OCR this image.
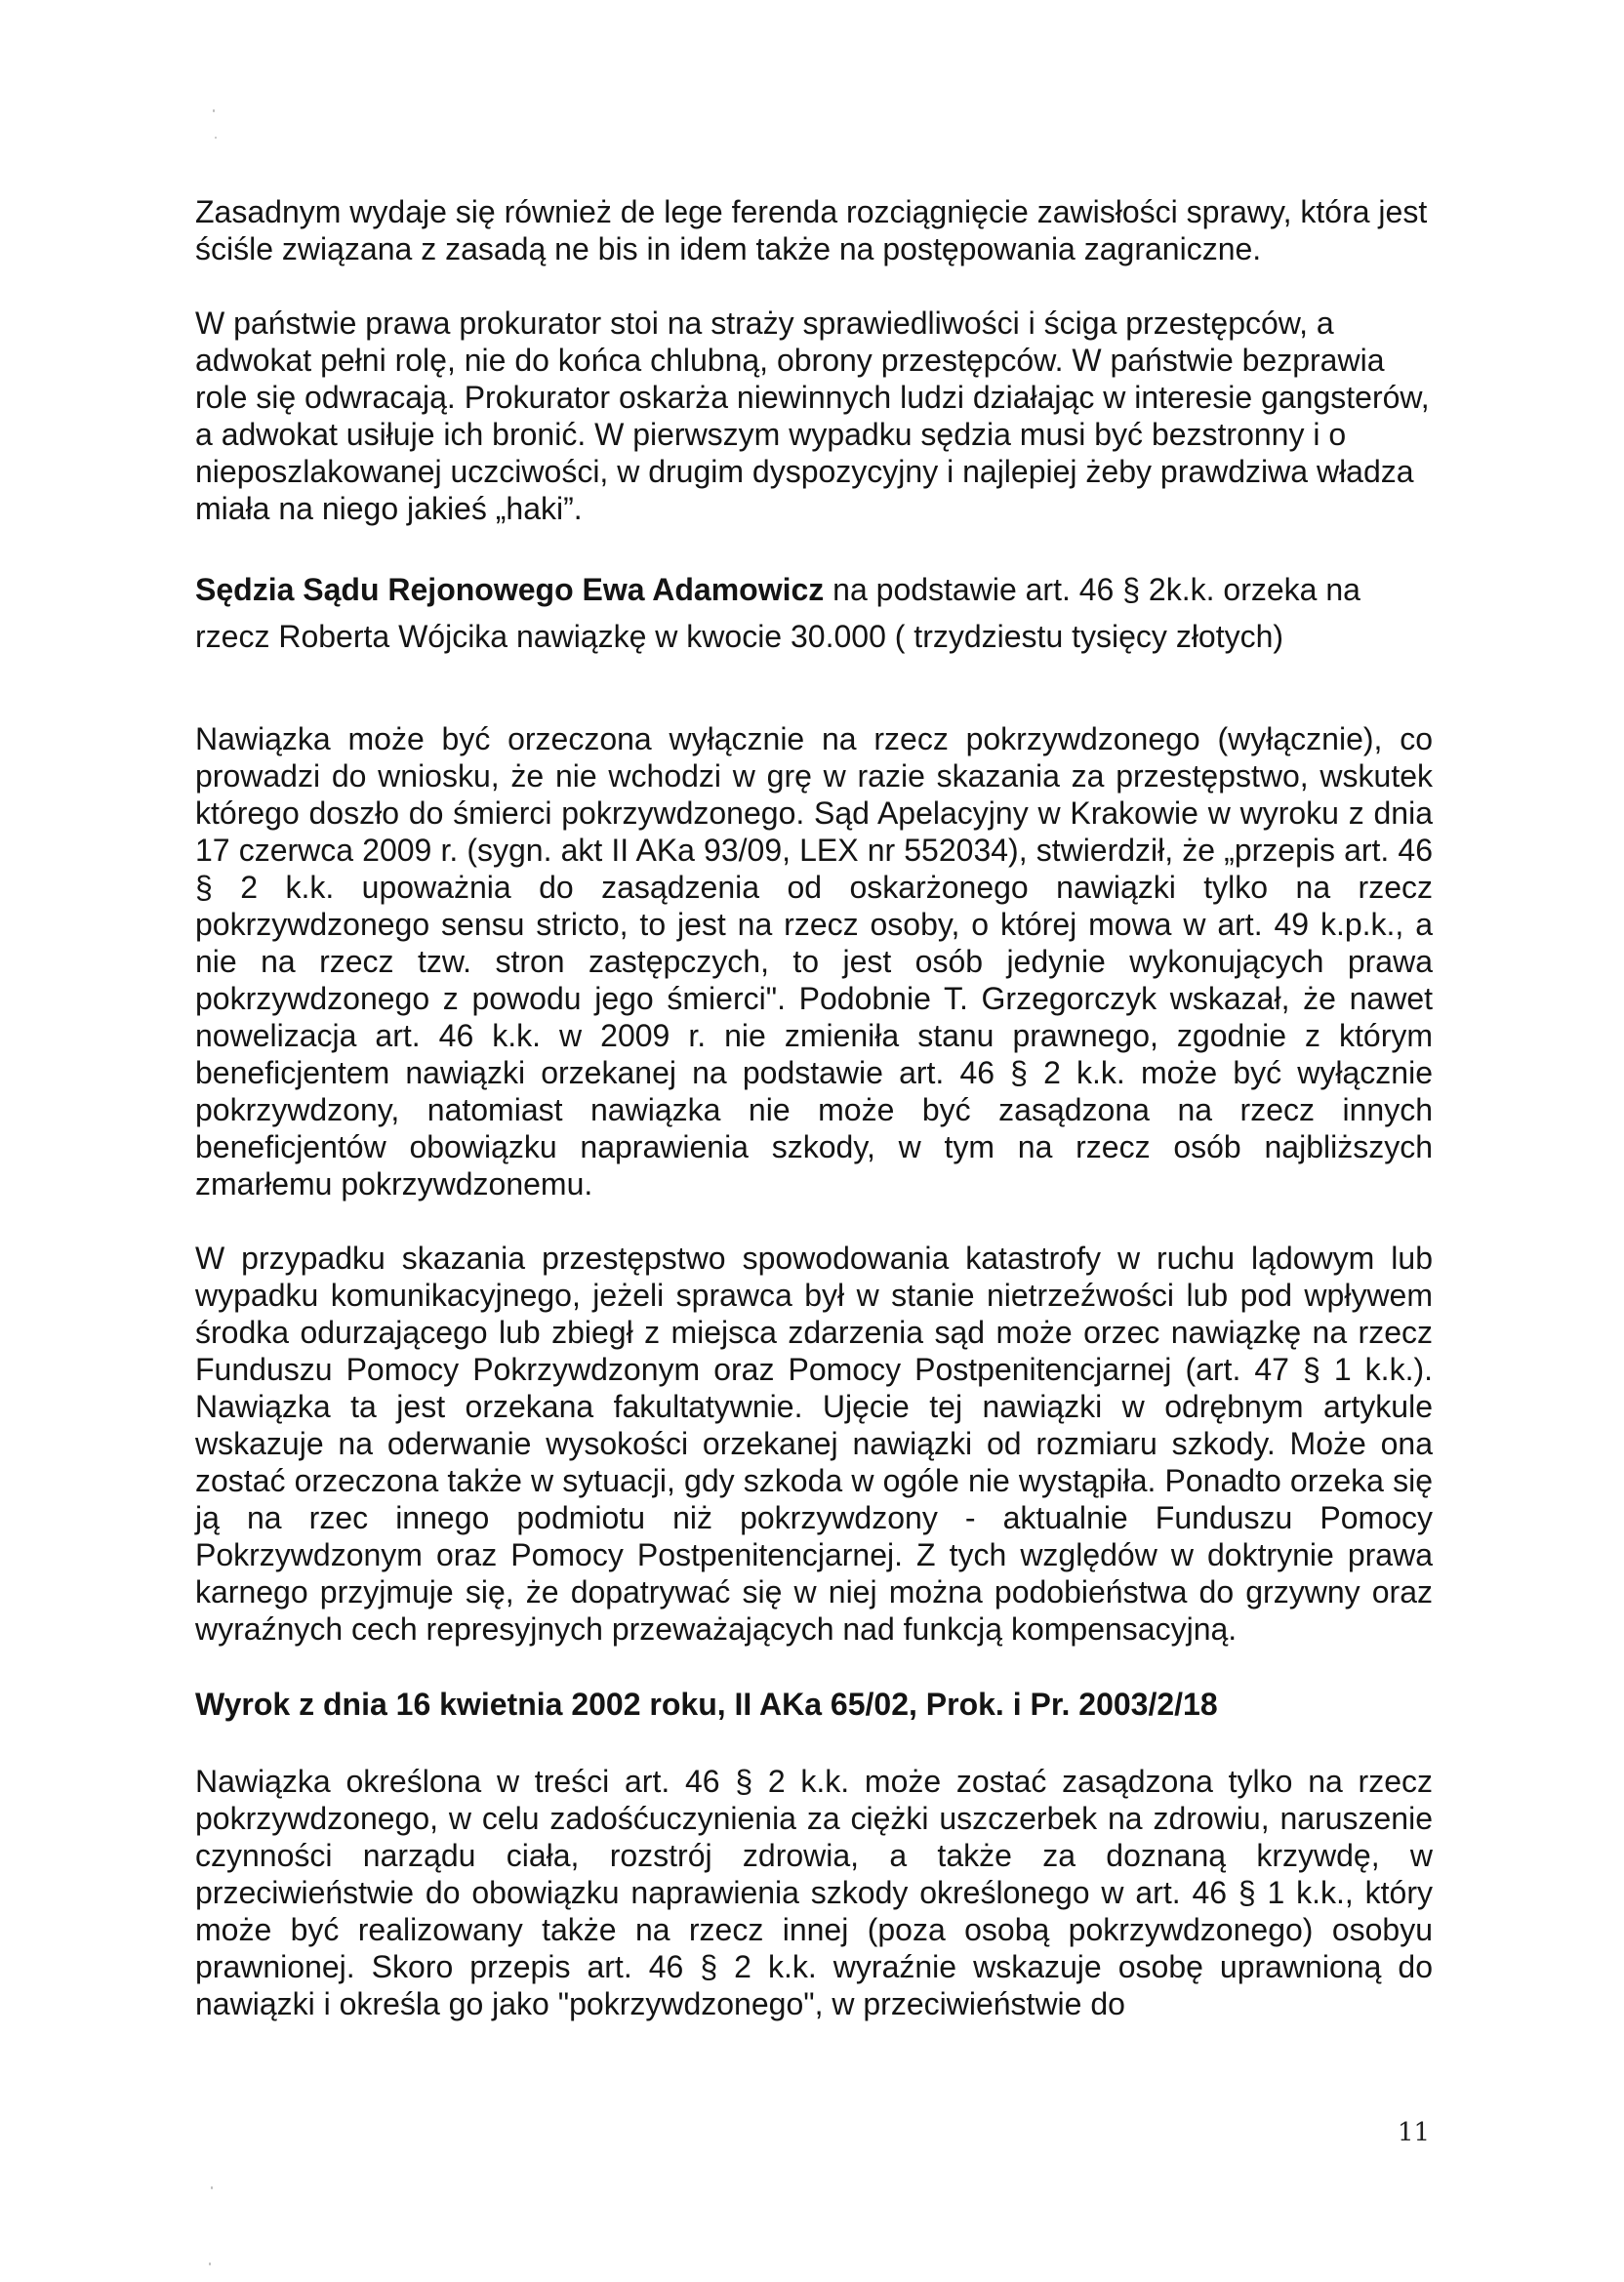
Zasadnym wydaje się również de lege ferenda rozciągnięcie zawisłości sprawy, która jest ściśle związana z zasadą ne bis in idem także na postępowania zagraniczne.

W państwie prawa prokurator stoi na straży sprawiedliwości i ściga przestępców, a adwokat pełni rolę, nie do końca chlubną, obrony przestępców. W państwie bezprawia role się odwracają. Prokurator oskarża niewinnych ludzi działając w interesie gangsterów, a adwokat usiłuje ich bronić. W pierwszym wypadku sędzia musi być bezstronny i o nieposzlakowanej uczciwości, w drugim dyspozycyjny i najlepiej żeby prawdziwa władza miała na niego jakieś „haki”.

Sędzia Sądu Rejonowego Ewa Adamowicz na podstawie art. 46 § 2k.k. orzeka na

rzecz Roberta Wójcika nawiązkę w kwocie 30.000 ( trzydziestu tysięcy złotych)

Nawiązka może być orzeczona wyłącznie na rzecz pokrzywdzonego (wyłącznie), co prowadzi do wniosku, że nie wchodzi w grę w razie skazania za przestępstwo, wskutek którego doszło do śmierci pokrzywdzonego. Sąd Apelacyjny w Krakowie w wyroku z dnia 17 czerwca 2009 r. (sygn. akt II AKa 93/09, LEX nr 552034), stwierdził, że „przepis art. 46 § 2 k.k. upoważnia do zasądzenia od oskarżonego nawiązki tylko na rzecz pokrzywdzonego sensu stricto, to jest na rzecz osoby, o której mowa w art. 49 k.p.k., a nie na rzecz tzw. stron zastępczych, to jest osób jedynie wykonujących prawa pokrzywdzonego z powodu jego śmierci". Podobnie T. Grzegorczyk wskazał, że nawet nowelizacja art. 46 k.k. w 2009 r. nie zmieniła stanu prawnego, zgodnie z którym beneficjentem nawiązki orzekanej na podstawie art. 46 § 2 k.k. może być wyłącznie pokrzywdzony, natomiast nawiązka nie może być zasądzona na rzecz innych beneficjentów obowiązku naprawienia szkody, w tym na rzecz osób najbliższych zmarłemu pokrzywdzonemu.

W przypadku skazania przestępstwo spowodowania katastrofy w ruchu lądowym lub wypadku komunikacyjnego, jeżeli sprawca był w stanie nietrzeźwości lub pod wpływem środka odurzającego lub zbiegł z miejsca zdarzenia sąd może orzec nawiązkę na rzecz Funduszu Pomocy Pokrzywdzonym oraz Pomocy Postpenitencjarnej (art. 47 § 1 k.k.). Nawiązka ta jest orzekana fakultatywnie. Ujęcie tej nawiązki w odrębnym artykule wskazuje na oderwanie wysokości orzekanej nawiązki od rozmiaru szkody. Może ona zostać orzeczona także w sytuacji, gdy szkoda w ogóle nie wystąpiła. Ponadto orzeka się ją na rzec innego podmiotu niż pokrzywdzony - aktualnie Funduszu Pomocy Pokrzywdzonym oraz Pomocy Postpenitencjarnej. Z tych względów w doktrynie prawa karnego przyjmuje się, że dopatrywać się w niej można podobieństwa do grzywny oraz wyraźnych cech represyjnych przeważających nad funkcją kompensacyjną.

Wyrok z dnia 16 kwietnia 2002 roku, II AKa 65/02, Prok. i Pr. 2003/2/18

Nawiązka określona w treści art. 46 § 2 k.k. może zostać zasądzona tylko na rzecz pokrzywdzonego, w celu zadośćuczynienia za ciężki uszczerbek na zdrowiu, naruszenie czynności narządu ciała, rozstrój zdrowia, a także za doznaną krzywdę, w przeciwieństwie do obowiązku naprawienia szkody określonego w art. 46 § 1 k.k., który może być realizowany także na rzecz innej (poza osobą pokrzywdzonego) osobyu prawnionej. Skoro przepis art. 46 § 2 k.k. wyraźnie wskazuje osobę uprawnioną do nawiązki i określa go jako "pokrzywdzonego", w przeciwieństwie do

11
